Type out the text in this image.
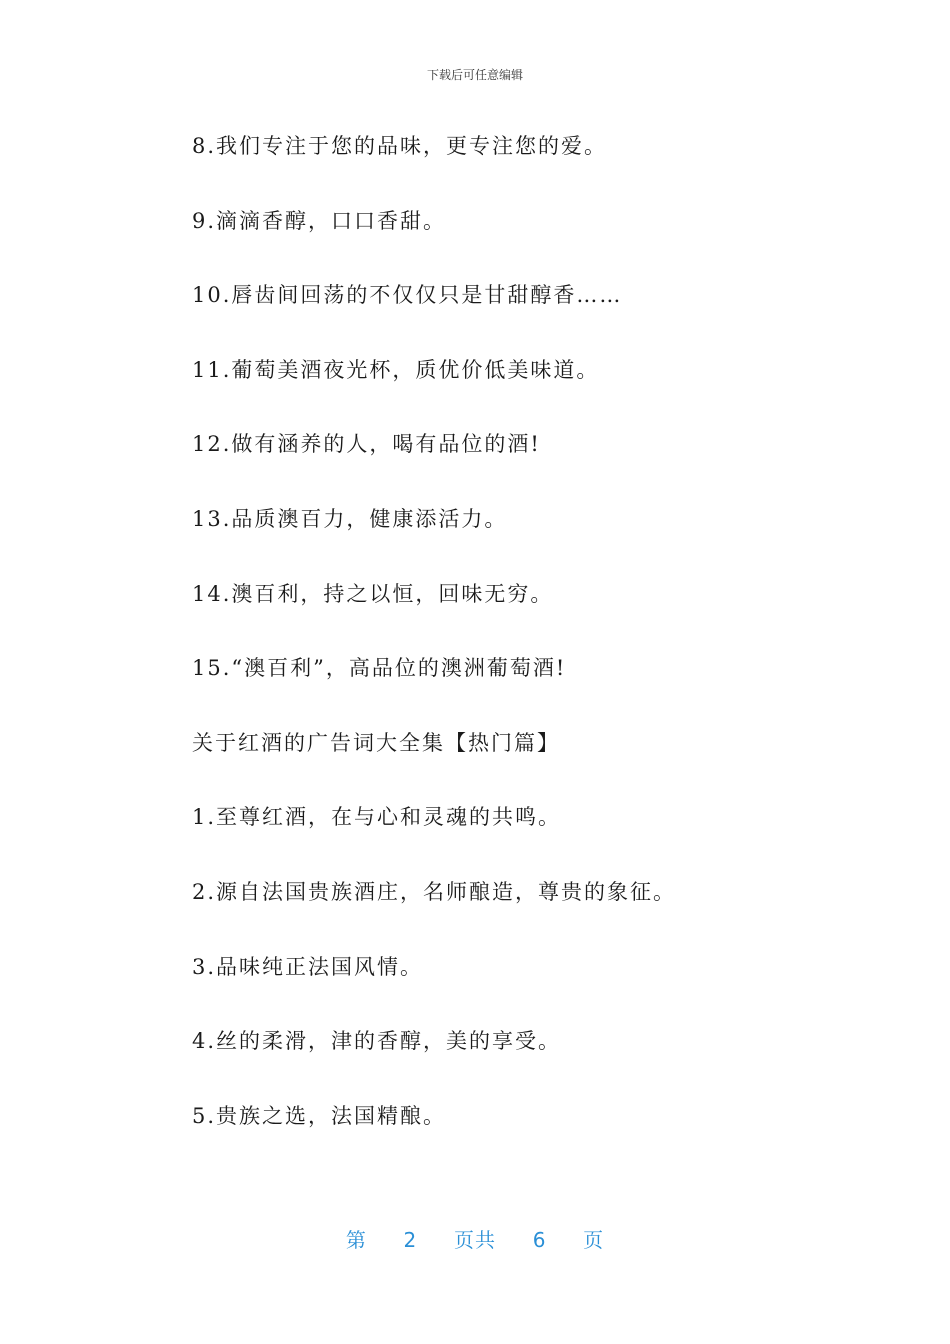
下载后可任意编辑
8.我们专注于您的品味，更专注您的爱。
9.滴滴香醇，口口香甜。
10.唇齿间回荡的不仅仅只是甘甜醇香……
11.葡萄美酒夜光杯，质优价低美味道。
12.做有涵养的人，喝有品位的酒!
13.品质澳百力，健康添活力。
14.澳百利，持之以恒，回味无穷。
15.“澳百利”，高品位的澳洲葡萄酒!
关于红酒的广告词大全集【热门篇】
1.至尊红酒，在与心和灵魂的共鸣。
2.源自法国贵族酒庄，名师酿造，尊贵的象征。
3.品味纯正法国风情。
4.丝的柔滑，津的香醇，美的享受。
5.贵族之选，法国精酿。
第 2 页共 6 页
